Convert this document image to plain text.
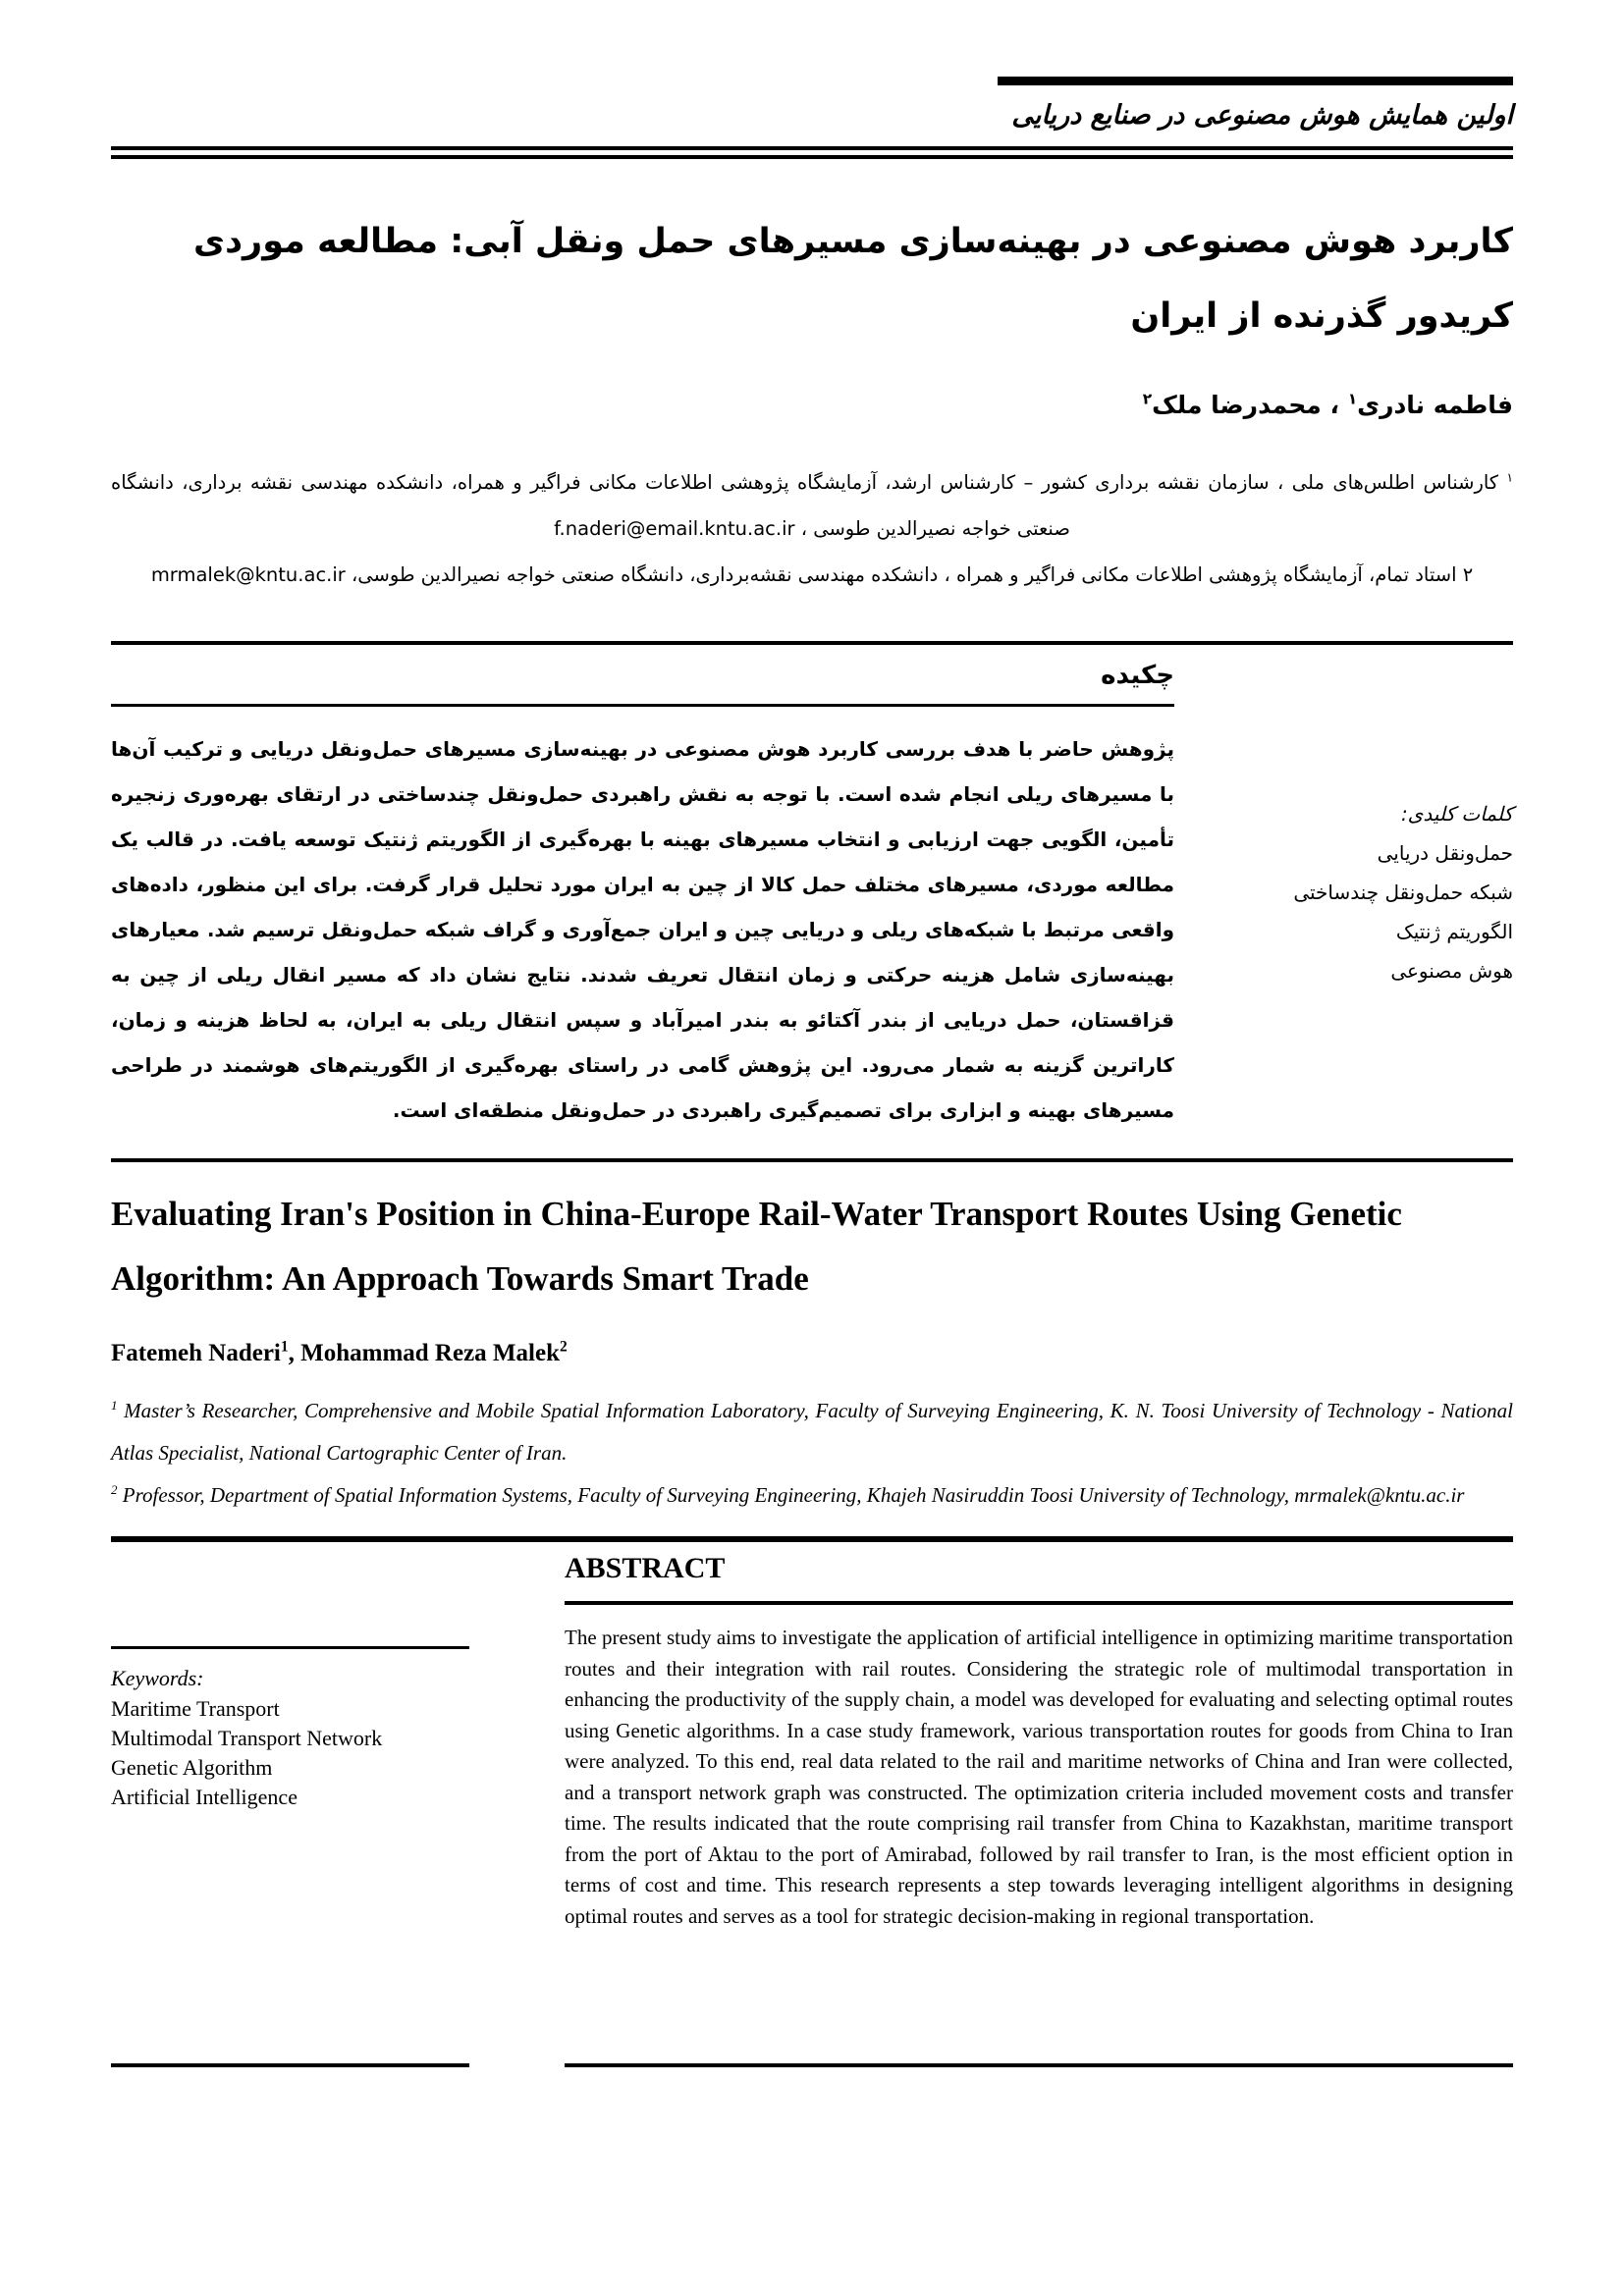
اولین همایش هوش مصنوعی در صنایع دریایی
کاربرد هوش مصنوعی در بهینه‌سازی مسیرهای حمل ونقل آبی: مطالعه موردی کریدور گذرنده از ایران
فاطمه نادری$^۱$ ، محمدرضا ملک$^۲$

$^۱$ کارشناس اطلس‌های ملی ، سازمان نقشه برداری کشور – کارشناس ارشد، آزمایشگاه پژوهشی اطلاعات مکانی فراگیر و همراه، دانشکده مهندسی نقشه برداری، دانشگاه صنعتی خواجه نصیرالدین طوسی ، f.naderi@email.kntu.ac.ir

۲ استاد تمام، آزمایشگاه پژوهشی اطلاعات مکانی فراگیر و همراه ، دانشکده مهندسی نقشه‌برداری، دانشگاه صنعتی خواجه نصیرالدین طوسی، mrmalek@kntu.ac.ir

کلمات کلیدی:
حمل‌ونقل دریایی
شبکه حمل‌ونقل چندساختی
الگوریتم ژنتیک
هوش مصنوعی
چکیده
پژوهش حاضر با هدف بررسی کاربرد هوش مصنوعی در بهینه‌سازی مسیرهای حمل‌ونقل دریایی و ترکیب آن‌ها با مسیرهای ریلی انجام شده است. با توجه به نقش راهبردی حمل‌ونقل چندساختی در ارتقای بهره‌وری زنجیره تأمین، الگویی جهت ارزیابی و انتخاب مسیرهای بهینه با بهره‌گیری از الگوریتم ژنتیک توسعه یافت. در قالب یک مطالعه موردی، مسیرهای مختلف حمل کالا از چین به ایران مورد تحلیل قرار گرفت. برای این منظور، داده‌های واقعی مرتبط با شبکه‌های ریلی و دریایی چین و ایران جمع‌آوری و گراف شبکه حمل‌ونقل ترسیم شد. معیارهای بهینه‌سازی شامل هزینه حرکتی و زمان انتقال تعریف شدند. نتایج نشان داد که مسیر انقال ریلی از چین به قزاقستان، حمل دریایی از بندر آکتائو به بندر امیرآباد و سپس انتقال ریلی به ایران، به لحاظ هزینه و زمان، کاراترین گزینه به شمار می‌رود. این پژوهش گامی در راستای بهره‌گیری از الگوریتم‌های هوشمند در طراحی مسیرهای بهینه و ابزاری برای تصمیم‌گیری راهبردی در حمل‌ونقل منطقه‌ای است.
Evaluating Iran's Position in China-Europe Rail-Water Transport Routes Using Genetic Algorithm: An Approach Towards Smart Trade
Fatemeh Naderi$^1$, Mohammad Reza Malek$^2$

$^1$ Master’s Researcher, Comprehensive and Mobile Spatial Information Laboratory, Faculty of Surveying Engineering, K. N. Toosi University of Technology - National Atlas Specialist, National Cartographic Center of Iran.

$^2$ Professor, Department of Spatial Information Systems, Faculty of Surveying Engineering, Khajeh Nasiruddin Toosi University of Technology, mrmalek@kntu.ac.ir

Keywords:
Maritime Transport
Multimodal Transport Network
Genetic Algorithm
Artificial Intelligence
ABSTRACT
The present study aims to investigate the application of artificial intelligence in optimizing maritime transportation routes and their integration with rail routes. Considering the strategic role of multimodal transportation in enhancing the productivity of the supply chain, a model was developed for evaluating and selecting optimal routes using Genetic algorithms. In a case study framework, various transportation routes for goods from China to Iran were analyzed. To this end, real data related to the rail and maritime networks of China and Iran were collected, and a transport network graph was constructed. The optimization criteria included movement costs and transfer time. The results indicated that the route comprising rail transfer from China to Kazakhstan, maritime transport from the port of Aktau to the port of Amirabad, followed by rail transfer to Iran, is the most efficient option in terms of cost and time. This research represents a step towards leveraging intelligent algorithms in designing optimal routes and serves as a tool for strategic decision-making in regional transportation.
